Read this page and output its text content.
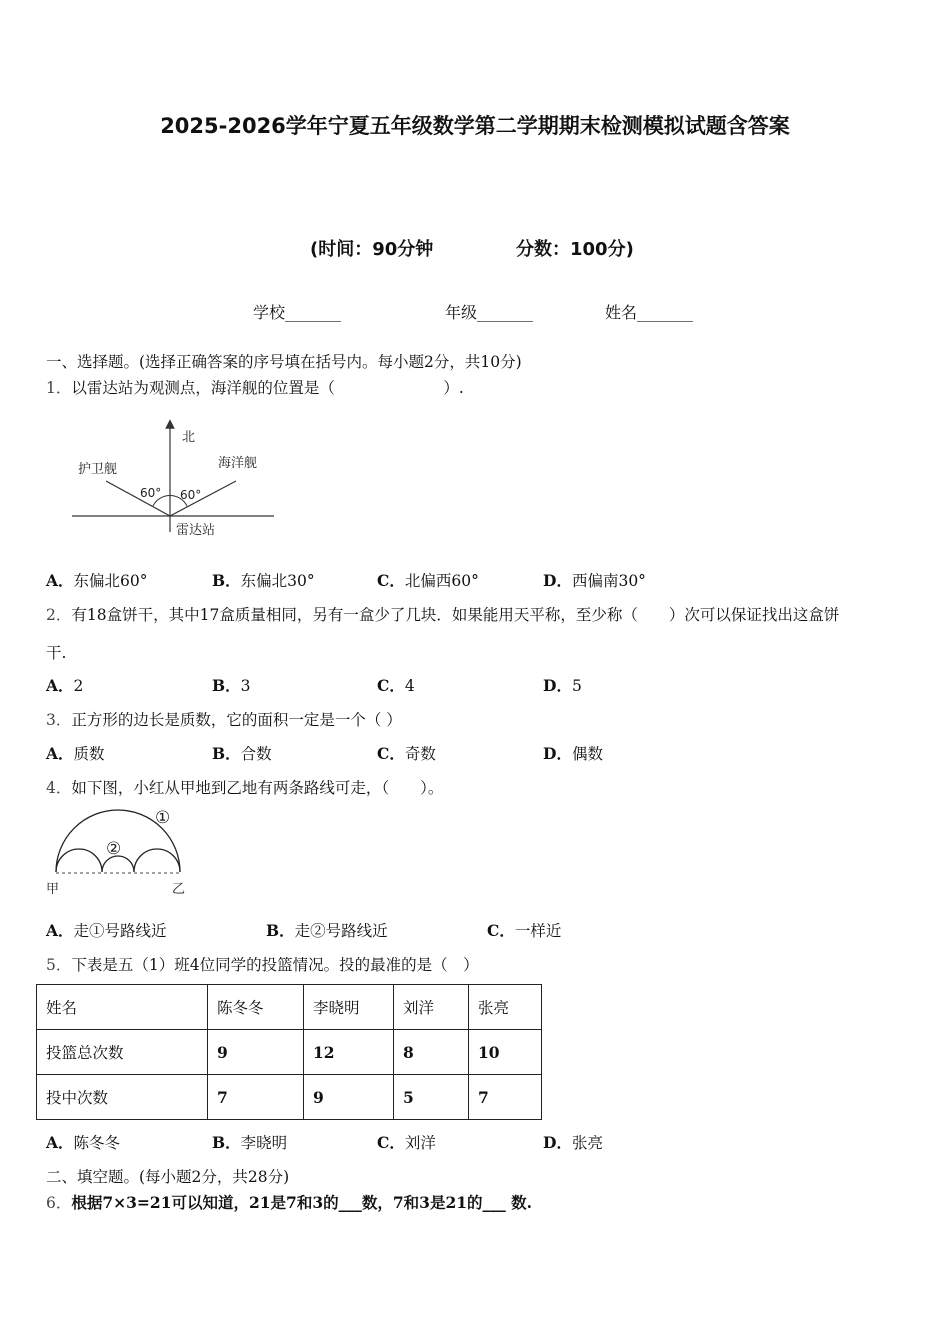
2025-2026学年宁夏五年级数学第二学期期末检测模拟试题含答案
(时间：90分钟	分数：100分)
学校_______	年级_______	姓名_______
一、选择题。(选择正确答案的序号填在括号内。每小题2分，共10分)
1．以雷达站为观测点，海洋舰的位置是（　　　　　　　）.
北
护卫舰	海洋舰
60° 60°
雷达站
A．东偏北60°	B．东偏北30°	C．北偏西60°	D．西偏南30°
2．有18盒饼干，其中17盒质量相同，另有一盒少了几块．如果能用天平称，至少称（　　）次可以保证找出这盒饼
干.
A．2	B．3	C．4	D．5
3．正方形的边长是质数，它的面积一定是一个（ ）
A．质数	B．合数	C．奇数	D．偶数
4．如下图，小红从甲地到乙地有两条路线可走，（　　）。
①
②
甲	乙
A．走①号路线近	B．走②号路线近	C．一样近
5．下表是五（1）班4位同学的投篮情况。投的最准的是（　）
姓名	陈冬冬	李晓明	刘洋	张亮
投篮总次数	9	12	8	10
投中次数	7	9	5	7
A．陈冬冬	B．李晓明	C．刘洋	D．张亮
二、填空题。(每小题2分，共28分)
6．根据7×3=21可以知道，21是7和3的___数，7和3是21的___ 数.
